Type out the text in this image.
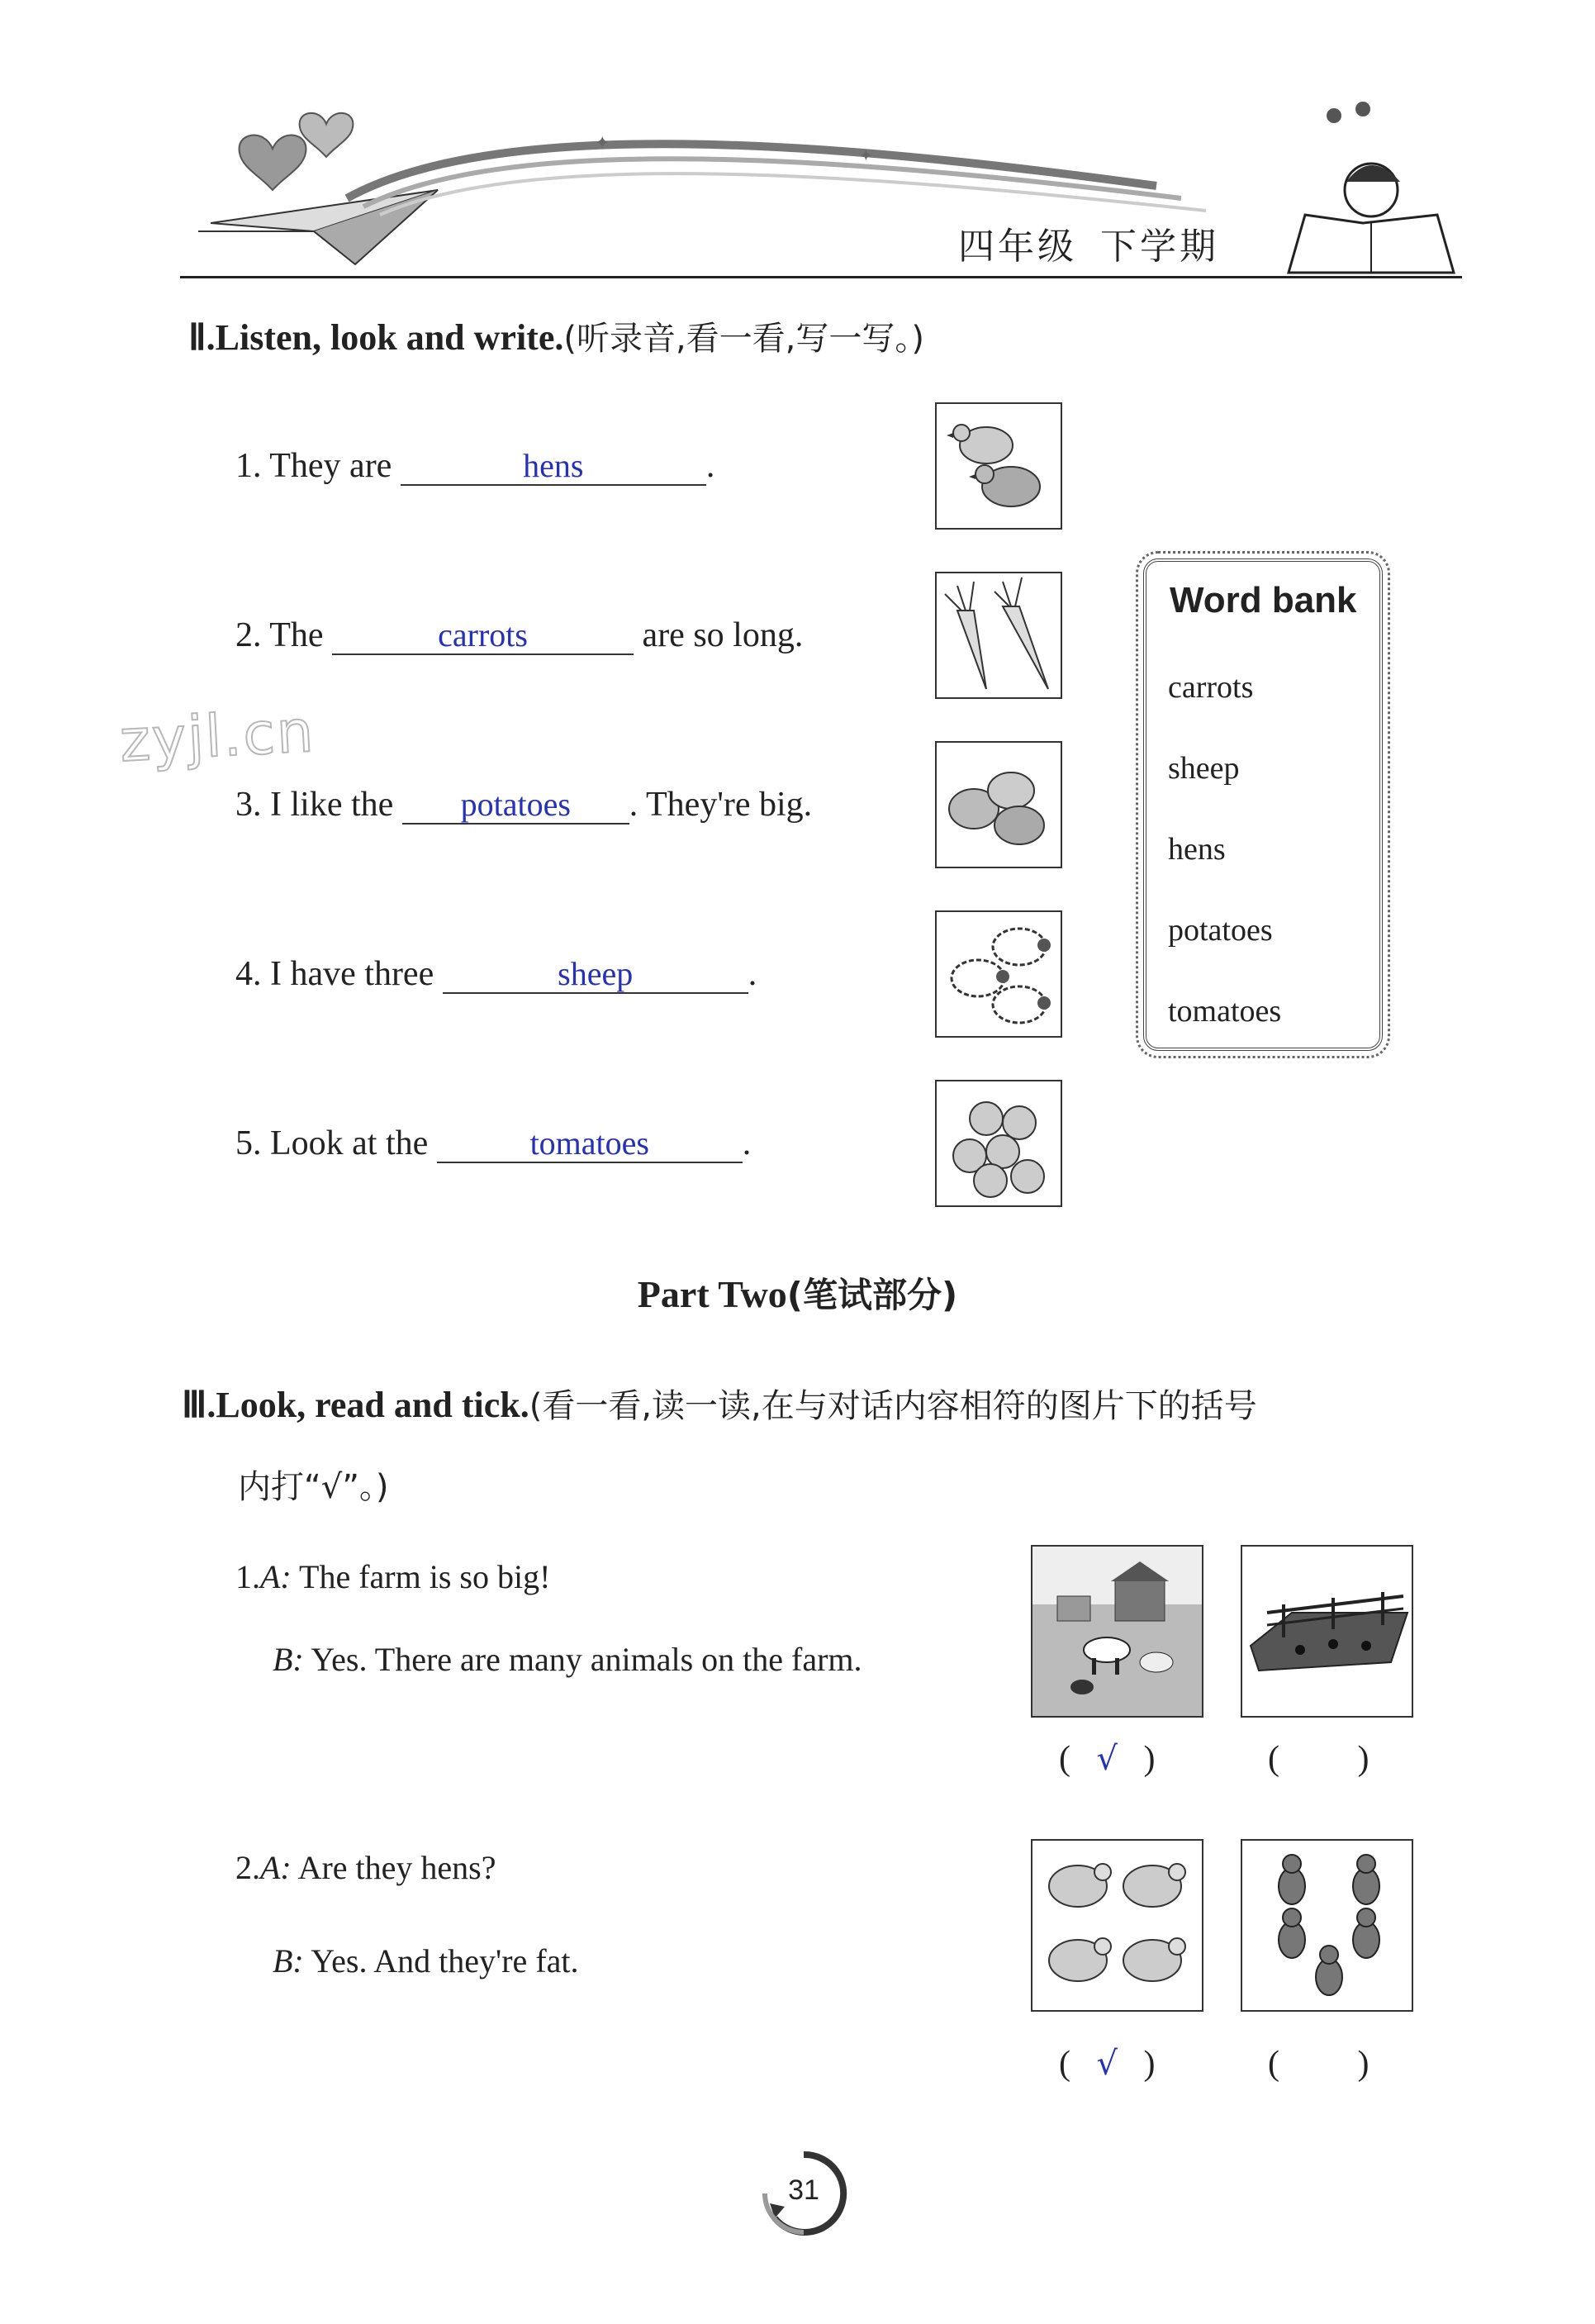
✦
✦
四年级 下学期
zyjl.cn
Ⅱ.Listen, look and write.(听录音,看一看,写一写。)
1. They are	hens	.
2. The	carrots	are so long.
3. I like the potatoes . They're big.
4. I have three	sheep	.
5. Look at the	tomatoes	.
Word bank
carrots
sheep
hens
potatoes
tomatoes
Part Two(笔试部分)
Ⅲ.Look, read and tick.(看一看,读一读,在与对话内容相符的图片下的括号
内打“√”。)
1.A: The farm is so big!
B: Yes. There are many animals on the farm.
(   √   )	(         )
2.A: Are they hens?
B: Yes. And they're fat.
(   √   )	(         )
31
